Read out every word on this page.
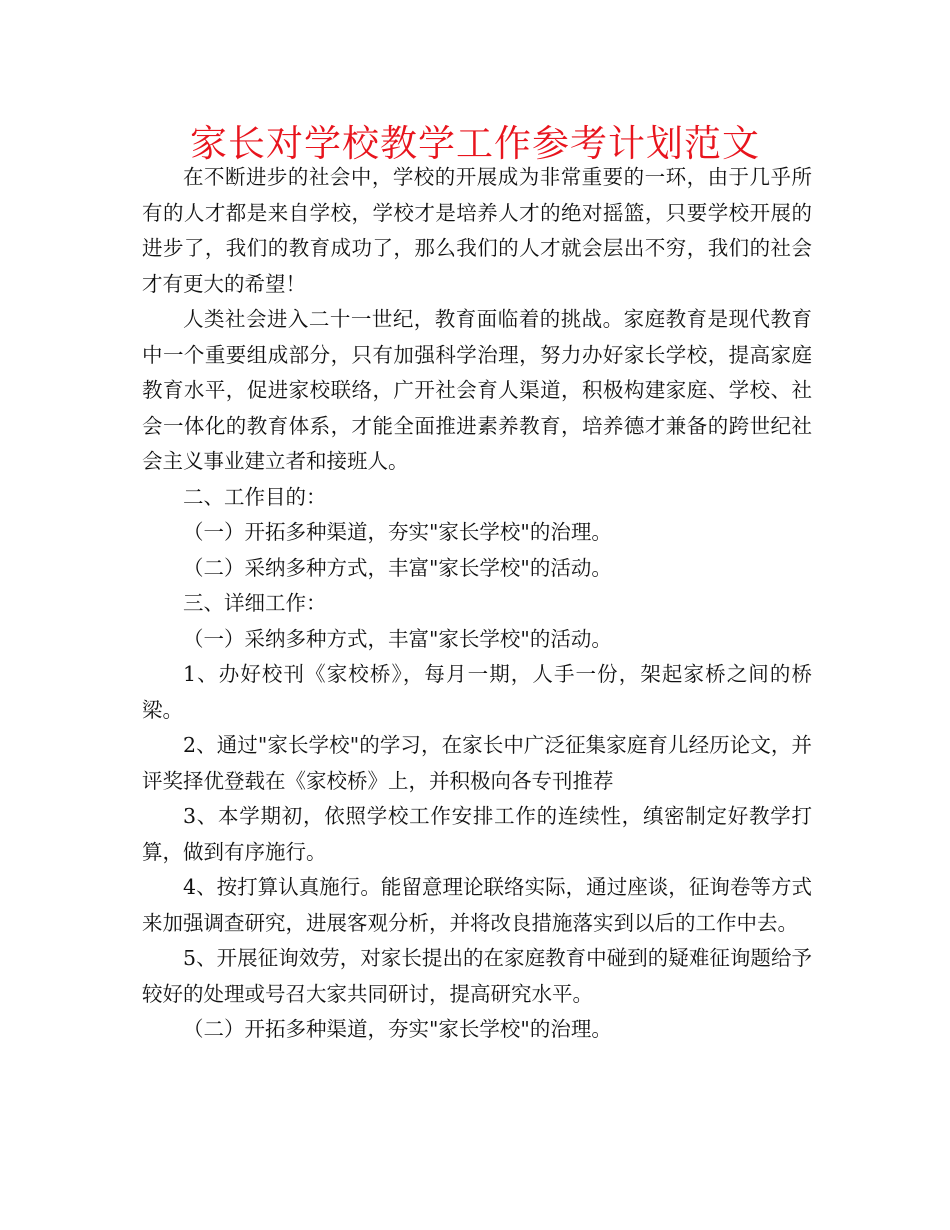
家长对学校教学工作参考计划范文

在不断进步的社会中，学校的开展成为非常重要的一环，由于几乎所有的人才都是来自学校，学校才是培养人才的绝对摇篮，只要学校开展的进步了，我们的教育成功了，那么我们的人才就会层出不穷，我们的社会才有更大的希望！

人类社会进入二十一世纪，教育面临着的挑战。家庭教育是现代教育中一个重要组成部分，只有加强科学治理，努力办好家长学校，提高家庭教育水平，促进家校联络，广开社会育人渠道，积极构建家庭、学校、社会一体化的教育体系，才能全面推进素养教育，培养德才兼备的跨世纪社会主义事业建立者和接班人。

二、工作目的：

（一）开拓多种渠道，夯实"家长学校"的治理。

（二）采纳多种方式，丰富"家长学校"的活动。

三、详细工作：

（一）采纳多种方式，丰富"家长学校"的活动。

1、办好校刊《家校桥》，每月一期，人手一份，架起家桥之间的桥梁。

2、通过"家长学校"的学习，在家长中广泛征集家庭育儿经历论文，并评奖择优登载在《家校桥》上，并积极向各专刊推荐

3、本学期初，依照学校工作安排工作的连续性，缜密制定好教学打算，做到有序施行。

4、按打算认真施行。能留意理论联络实际，通过座谈，征询卷等方式来加强调查研究，进展客观分析，并将改良措施落实到以后的工作中去。

5、开展征询效劳，对家长提出的在家庭教育中碰到的疑难征询题给予较好的处理或号召大家共同研讨，提高研究水平。

（二）开拓多种渠道，夯实"家长学校"的治理。
